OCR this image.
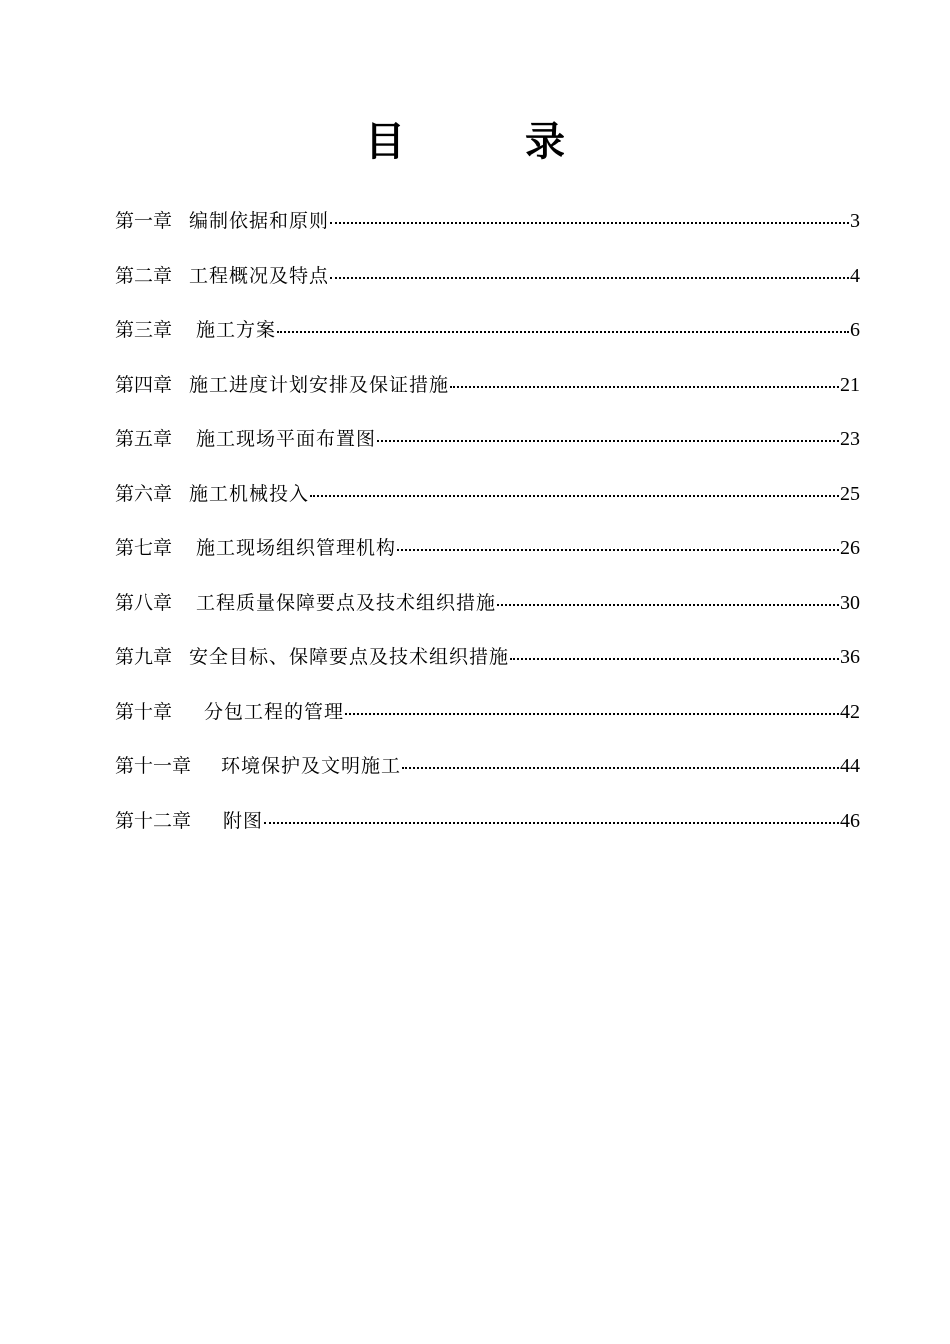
目　录
第一章 编制依据和原则	3
第二章 工程概况及特点	4
第三章 施工方案	6
第四章 施工进度计划安排及保证措施	21
第五章 施工现场平面布置图	23
第六章 施工机械投入	25
第七章 施工现场组织管理机构	26
第八章 工程质量保障要点及技术组织措施	30
第九章 安全目标、保障要点及技术组织措施	36
第十章 分包工程的管理	42
第十一章 环境保护及文明施工	44
第十二章 附图	46
